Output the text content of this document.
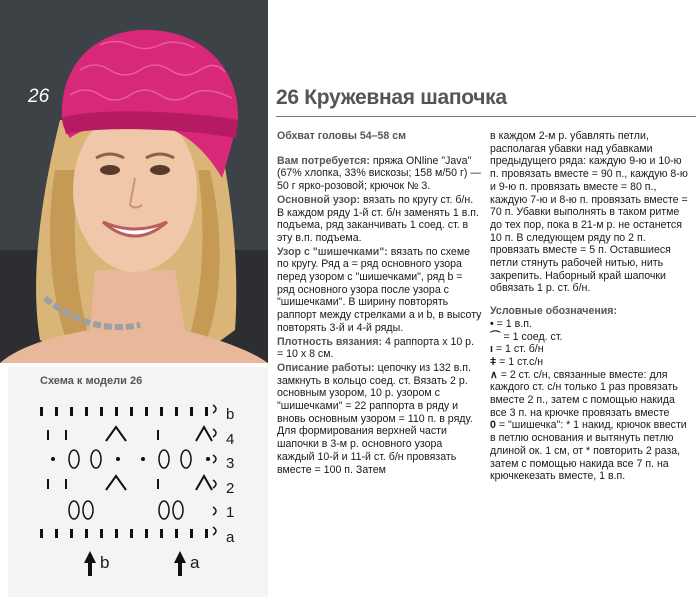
26	26 Кружевная шапочка

Обхват головы 54–58 см

Вам потребуется: пряжа ONline "Java" (67% хлопка, 33% вискозы; 158 м/50 г) — 50 г ярко-розовой; крючок № 3.

Основной узор: вязать по кругу ст. б/н. В каждом ряду 1-й ст. б/н заменять 1 в.п. подъема, ряд заканчивать 1 соед. ст. в эту в.п. подъема.

Узор с "шишечками": вязать по схеме по кругу. Ряд a = ряд основного узора перед узором с "шишечками", ряд b = ряд основного узора после узора с "шишечками". В ширину повторять раппорт между стрелками a и b, в высоту повторять 3-й и 4-й ряды.

Плотность вязания: 4 раппорта х 10 р. = 10 х 8 см.

Описание работы: цепочку из 132 в.п. замкнуть в кольцо соед. ст. Вязать 2 р. основным узором, 10 р. узором с "шишечками" = 22 раппорта в ряду и вновь основным узором = 110 п. в ряду. Для формирования верхней части шапочки в 3-м р. основного узора каждый 10-й и 11-й ст. б/н провязать вместе = 100 п. Затем

в каждом 2-м р. убавлять петли, располагая убавки над убавками предыдущего ряда: каждую 9-ю и 10-ю п. провязать вместе = 90 п., каждую 8-ю и 9-ю п. провязать вместе = 80 п., каждую 7-ю и 8-ю п. провязать вместе = 70 п. Убавки выполнять в таком ритме до тех пор, пока в 21-м р. не останется 10 п. В следующем ряду по 2 п. провязать вместе = 5 п. Оставшиеся петли стянуть рабочей нитью, нить закрепить. Наборный край шапочки обвязать 1 р. ст. б/н.

Условные обозначения:

• = 1 в.п.

⌒ = 1 соед. ст.

ı = 1 ст. б/н

ǂ = 1 ст.с/н

∧ = 2 ст. с/н, связанные вместе: для каждого ст. с/н только 1 раз провязать вместе 2 п., затем с помощью накида все 3 п. на крючке провязать вместе

0 = "шишечка": * 1 накид, крючок ввести в петлю основания и вытянуть петлю длиной ок. 1 см, от * повторить 2 раза, затем с помощью накида все 7 п. на крючкекезать вместе, 1 в.п.

Схема к модели 26
b
4
3
2
1
a
b	a
